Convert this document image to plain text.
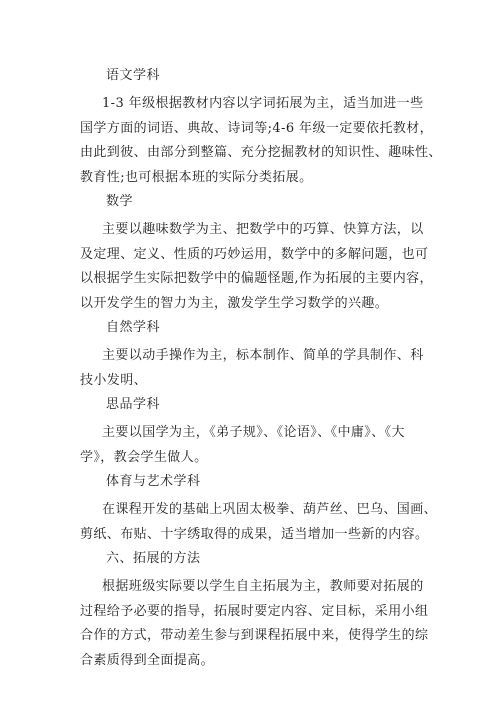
语文学科
1-3 年级根据教材内容以字词拓展为主，适当加进一些
国学方面的词语、典故、诗词等;4-6 年级一定要依托教材，
由此到彼、由部分到整篇、充分挖掘教材的知识性、趣味性、
教育性;也可根据本班的实际分类拓展。
数学
主要以趣味数学为主、把数学中的巧算、快算方法，以
及定理、定义、性质的巧妙运用，数学中的多解问题，也可
以根据学生实际把数学中的偏题怪题,作为拓展的主要内容，
以开发学生的智力为主，激发学生学习数学的兴趣。
自然学科
主要以动手操作为主，标本制作、简单的学具制作、科
技小发明、
思品学科
主要以国学为主，《弟子规》、《论语》、《中庸》、《大
学》，教会学生做人。
体育与艺术学科
在课程开发的基础上巩固太极拳、葫芦丝、巴乌、国画、
剪纸、布贴、十字绣取得的成果，适当增加一些新的内容。
六、拓展的方法
根据班级实际要以学生自主拓展为主，教师要对拓展的
过程给予必要的指导，拓展时要定内容、定目标，采用小组
合作的方式，带动差生参与到课程拓展中来，使得学生的综
合素质得到全面提高。
